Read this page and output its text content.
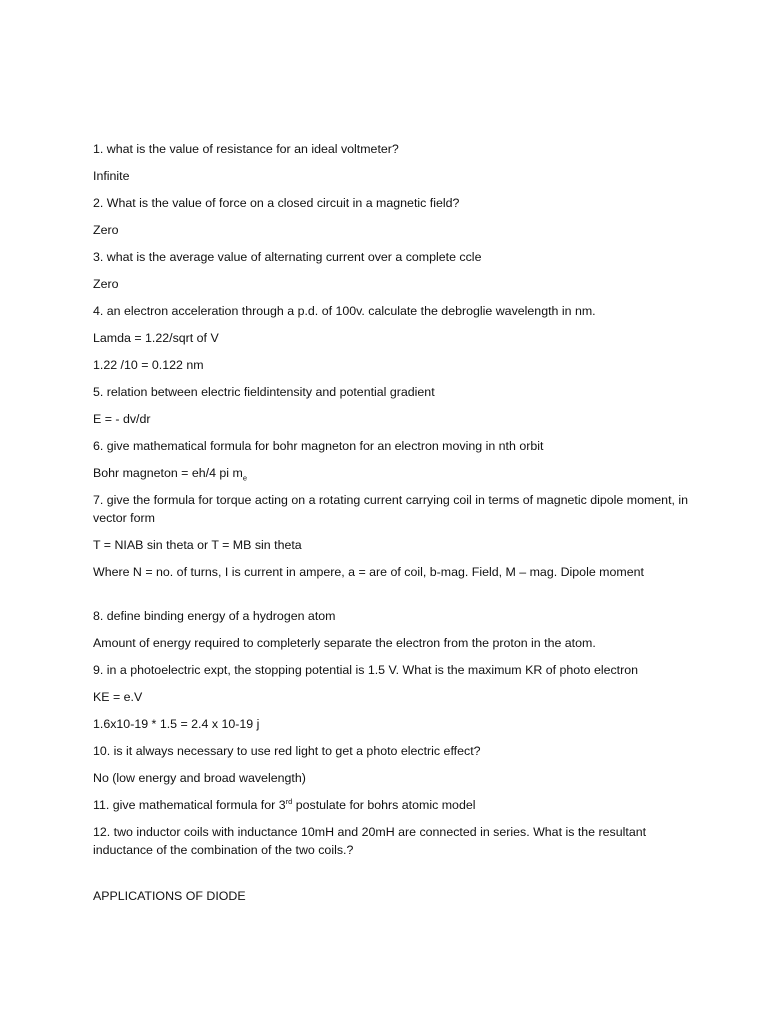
1. what is the value of resistance for an ideal voltmeter?

Infinite

2. What is the value of force on a closed circuit in a magnetic field?

Zero

3. what is the average value of alternating current over a complete ccle

Zero

4. an electron acceleration through a p.d. of 100v. calculate the debroglie wavelength in nm.

Lamda = 1.22/sqrt of V

1.22 /10 = 0.122 nm

5. relation between electric fieldintensity and potential gradient

E = - dv/dr

6. give mathematical formula for bohr magneton for an electron moving in nth orbit

Bohr magneton = eh/4 pi $m_e$

7. give the formula for torque acting on a rotating current carrying coil in terms of magnetic dipole moment, in vector form

T = NIAB sin theta or T = MB sin theta

Where N = no. of turns, I is current in ampere, a = are of coil, b-mag. Field, M – mag. Dipole moment

8. define binding energy of a hydrogen atom

Amount of energy required to completerly separate the electron from the proton in the atom.

9. in a photoelectric expt, the stopping potential is 1.5 V. What is the maximum KR of photo electron

KE = e.V

1.6x10-19 * 1.5 = 2.4 x 10-19 j

10. is it always necessary to use red light to get a photo electric effect?

No (low energy and broad wavelength)

11. give mathematical formula for 3rd postulate for bohrs atomic model

12. two inductor coils with inductance 10mH and 20mH are connected in series. What is the resultant inductance of the combination of the two coils.?

APPLICATIONS OF DIODE
